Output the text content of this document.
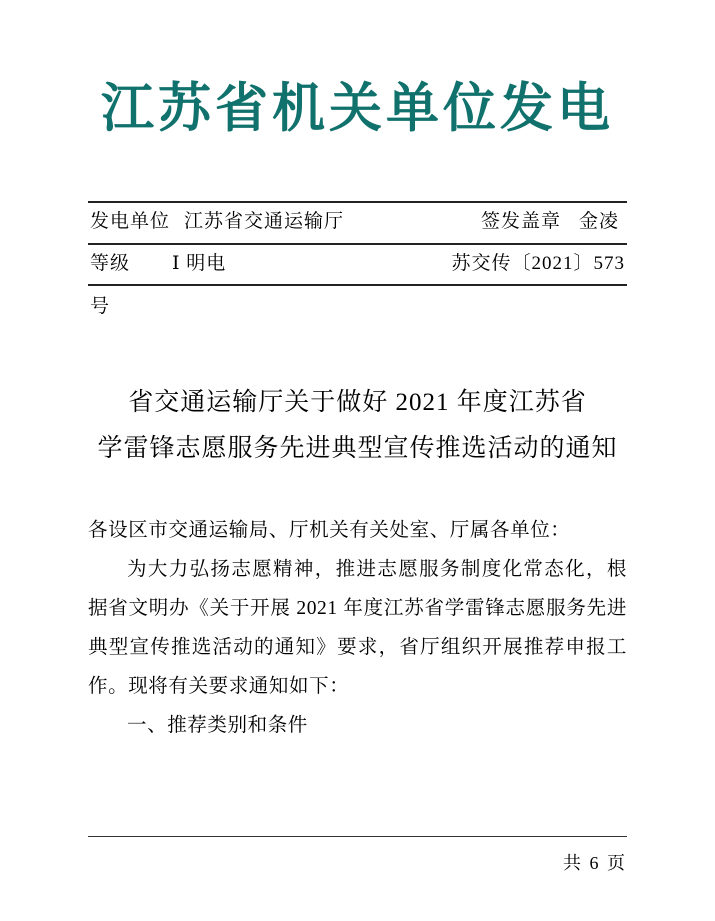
江苏省机关单位发电
发电单位 江苏省交通运输厅	签发盖章 金凌
等级 Ⅰ 明电	苏交传〔2021〕573
号
省交通运输厅关于做好 2021 年度江苏省
学雷锋志愿服务先进典型宣传推选活动的通知

各设区市交通运输局、厅机关有关处室、厅属各单位：

为大力弘扬志愿精神，推进志愿服务制度化常态化，根据省文明办《关于开展 2021 年度江苏省学雷锋志愿服务先进典型宣传推选活动的通知》要求，省厅组织开展推荐申报工作。现将有关要求通知如下：

一、推荐类别和条件

共 6 页
